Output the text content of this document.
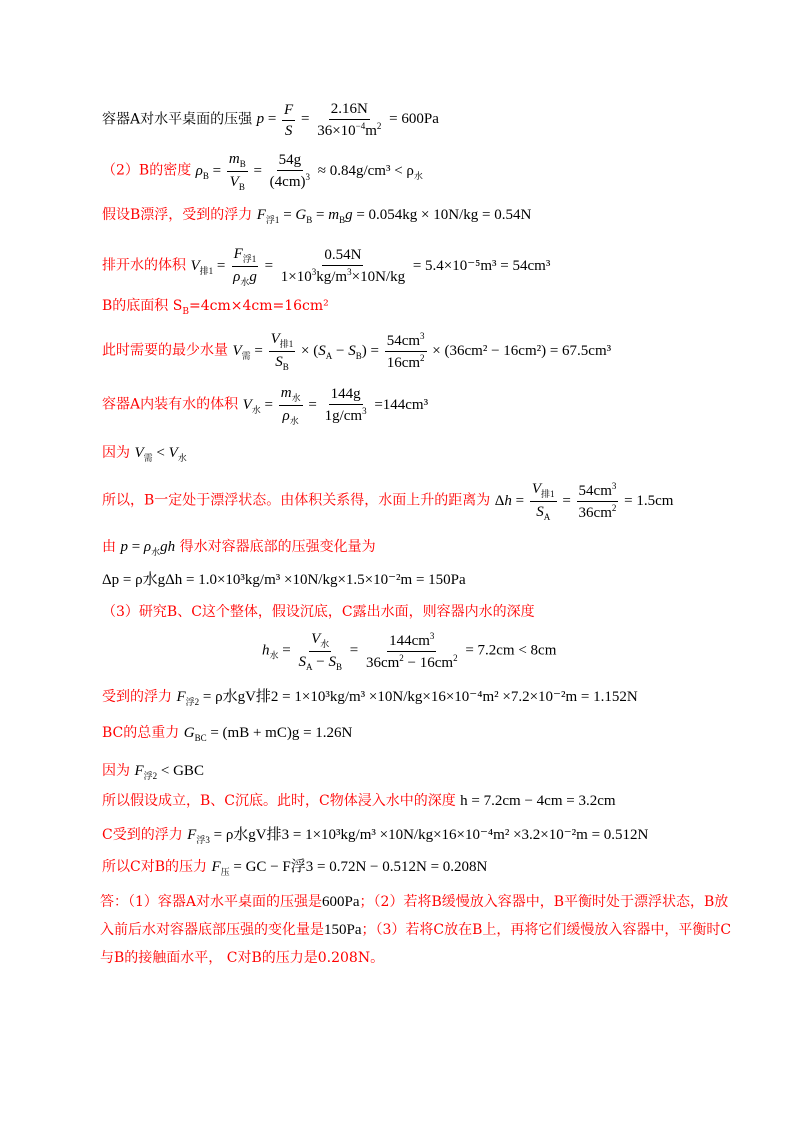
容器A对水平桌面的压强 $p = \frac{F}{S} = \frac{2.16N}{36\times 10^{-4}m^2} = 600Pa$
（2）B的密度 $\rho_B = \frac{m_B}{V_B} = \frac{54g}{(4cm)^3} \approx 0.84g/cm^3 < \rho_水$
假设B漂浮，受到的浮力 $F_{浮1} = G_B = m_Bg = 0.054kg \times 10N/kg = 0.54N$
排开水的体积 $V_{排1} = \frac{F_{浮1}}{\rho_水g} = \frac{0.54N}{1\times 10^3kg/m^3\times 10N/kg} = 5.4\times 10^{-5}m^3 = 54cm^3$
B的底面积 $S_B=4cm\times 4cm=16cm^2$
此时需要的最少水量 $V_需 = \frac{V_{排1}}{S_B} \times (S_A - S_B) = \frac{54cm^3}{16cm^2} \times (36cm^2 - 16cm^2) = 67.5cm^3$
容器A内装有水的体积 $V_水 = \frac{m_水}{\rho_水} = \frac{144g}{1g/cm^3} =144cm^3$
因为 $V_需 < V_水$
所以，B一定处于漂浮状态。由体积关系得，水面上升的距离为 $\Delta h = \frac{V_{排1}}{S_A} = \frac{54cm^3}{36cm^2} = 1.5cm$
由 $p = \rho_水gh$ 得水对容器底部的压强变化量为
Δp = ρ水gΔh = 1.0×10³kg/m³ ×10N/kg×1.5×10⁻²m = 150Pa
（3）研究B、C这个整体，假设沉底，C露出水面，则容器内水的深度
$h_水 = \frac{V_水}{S_A - S_B} = \frac{144cm^3}{36cm^2 - 16cm^2} = 7.2cm < 8cm$
受到的浮力 $F_{浮2} = \rho$水gV排2 = 1×10³kg/m³ ×10N/kg×16×10⁻⁴m² ×7.2×10⁻²m = 1.152N
BC的总重力 $G_{BC} = (mB + mC)g = 1.26N$
因为 $F_{浮2}$ < GBC
所以假设成立，B、C沉底。此时，C物体浸入水中的深度 h = 7.2cm − 4cm = 3.2cm
C受到的浮力 $F_{浮3} = \rho$水gV排3 = 1×10³kg/m³ ×10N/kg×16×10⁻⁴m² ×3.2×10⁻²m = 0.512N
所以C对B的压力 $F_压$ = GC − F浮3 = 0.72N − 0.512N = 0.208N
答：（1）容器A对水平桌面的压强是600Pa；（2）若将B缓慢放入容器中，B平衡时处于漂浮状态，B放入前后水对容器底部压强的变化量是150Pa；（3）若将C放在B上，再将它们缓慢放入容器中，平衡时C与B的接触面水平， C对B的压力是0.208N。
